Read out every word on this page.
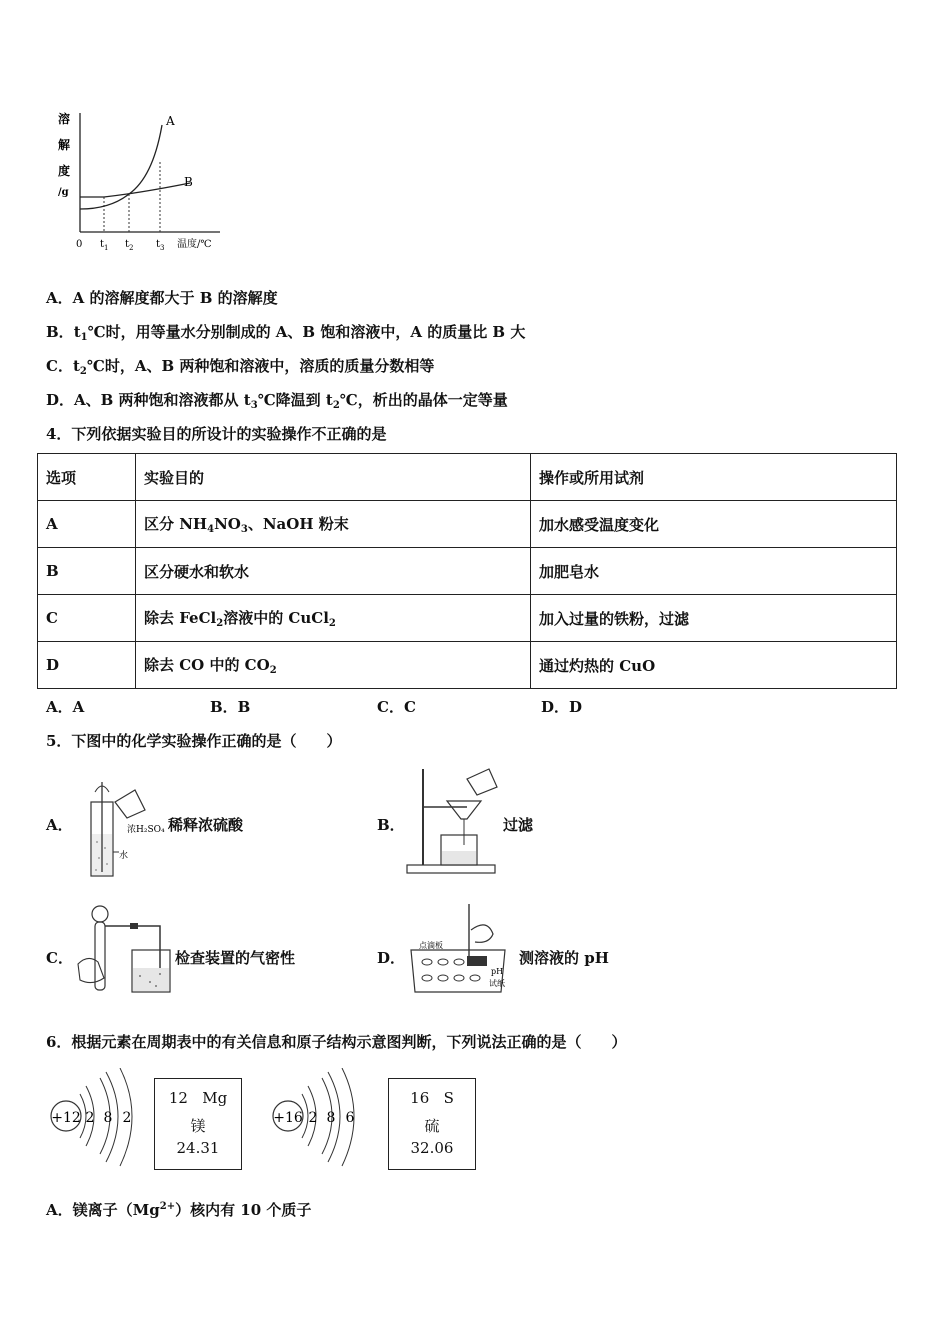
溶
解
度
/g
A
B
0 $t_1$ $t_2$ $t_3$ 温度/℃
A．A 的溶解度都大于 B 的溶解度
B．$t_1℃$时，用等量水分别制成的 A、B 饱和溶液中，A 的质量比 B 大
C．$t_2℃$时，A、B 两种饱和溶液中，溶质的质量分数相等
D．A、B 两种饱和溶液都从 $t_3℃$降温到 $t_2℃$，析出的晶体一定等量
4．下列依据实验目的所设计的实验操作不正确的是
选项	实验目的	操作或所用试剂
A	区分 $NH_4NO_3$、NaOH 粉末	加水感受温度变化
B	区分硬水和软水	加肥皂水
C	除去 FeCl$_2$溶液中的 CuCl$_2$	加入过量的铁粉，过滤
D	除去 CO 中的 $CO_2$	通过灼热的 CuO
A．A	B．B	C．C	D．D
5．下图中的化学实验操作正确的是（　　）
A．	浓H₂SO₄
水
稀释浓硫酸	B．	过滤
C．	检查装置的气密性	D．
点滴板
pH
试纸
测溶液的 pH
6．根据元素在周期表中的有关信息和原子结构示意图判断，下列说法正确的是（　　）
+12 2 8 2
12 Mg
镁
24.31
+16 2 8 6
16 S
硫
32.06
A．镁离子$(Mg^{2+})$核内有 10 个质子
